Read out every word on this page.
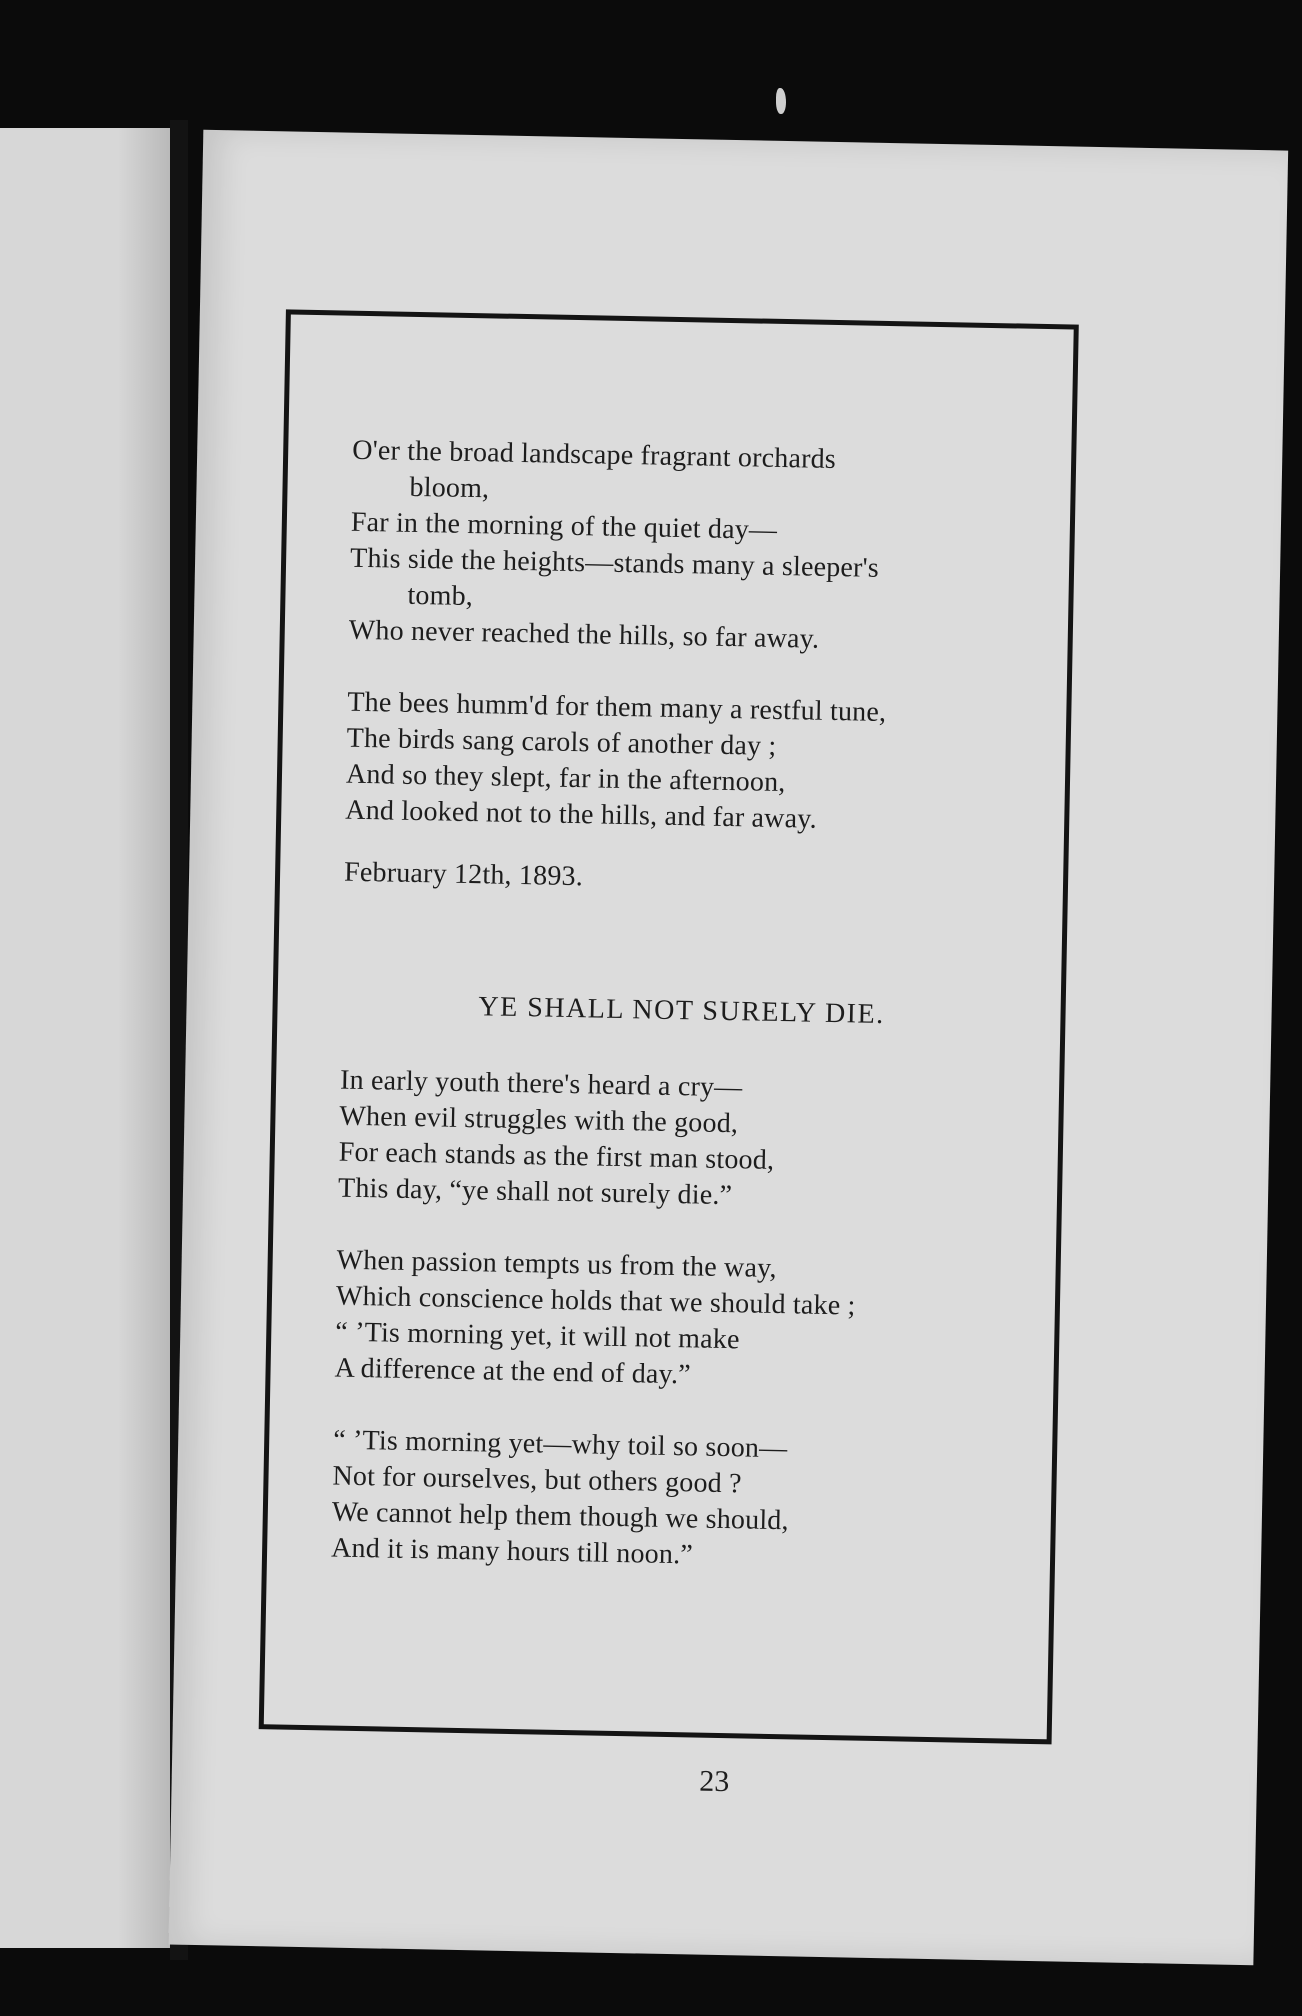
O'er the broad landscape fragrant orchards
bloom,
Far in the morning of the quiet day—
This side the heights—stands many a sleeper's
tomb,
Who never reached the hills, so far away.
The bees humm'd for them many a restful tune,
The birds sang carols of another day ;
And so they slept, far in the afternoon,
And looked not to the hills, and far away.
February 12th, 1893.
YE SHALL NOT SURELY DIE.
In early youth there's heard a cry—
When evil struggles with the good,
For each stands as the first man stood,
This day, “ye shall not surely die.”
When passion tempts us from the way,
Which conscience holds that we should take ;
“ ’Tis morning yet, it will not make
A difference at the end of day.”
“ ’Tis morning yet—why toil so soon—
Not for ourselves, but others good ?
We cannot help them though we should,
And it is many hours till noon.”
23
